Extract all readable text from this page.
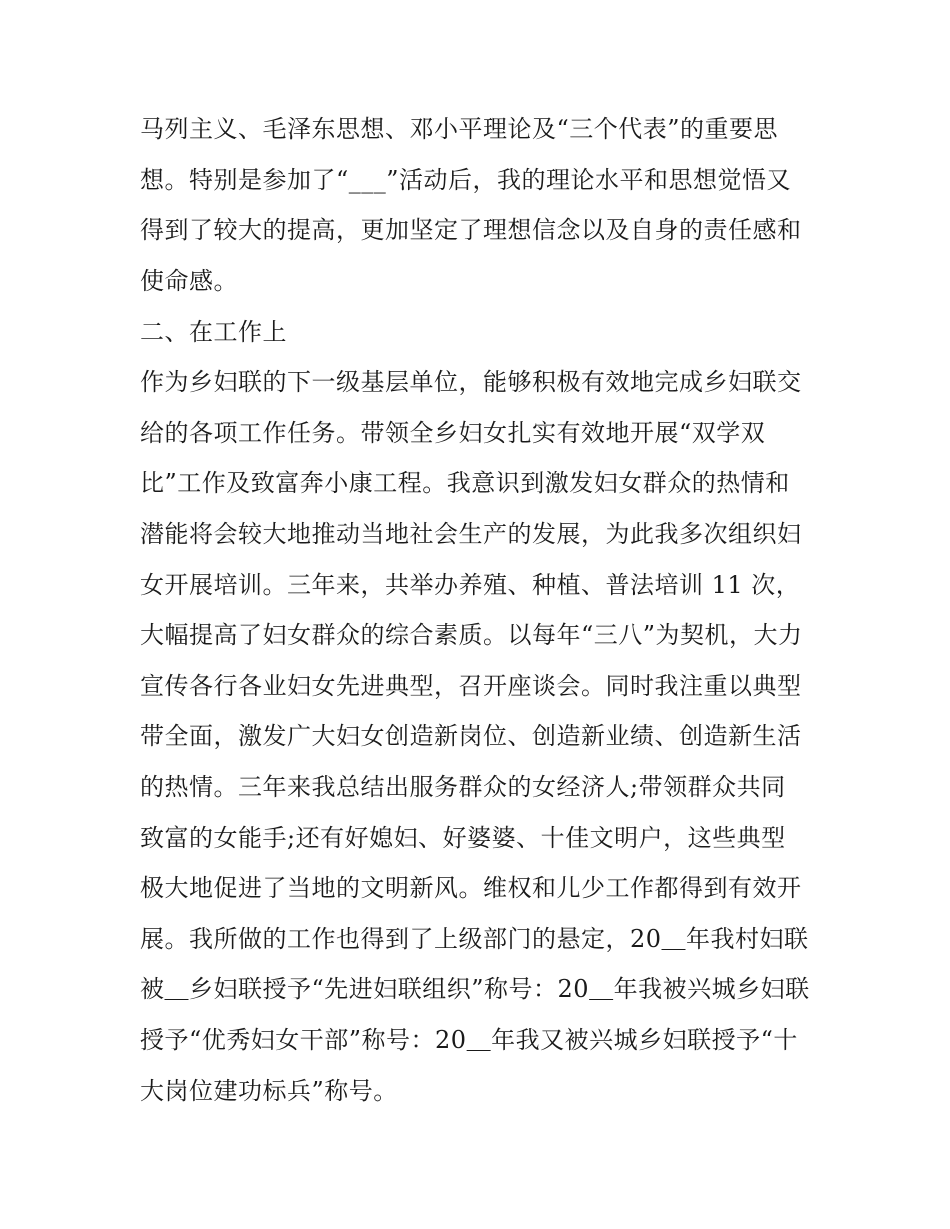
马列主义、毛泽东思想、邓小平理论及“三个代表”的重要思
想。特别是参加了“___”活动后，我的理论水平和思想觉悟又
得到了较大的提高，更加坚定了理想信念以及自身的责任感和
使命感。
二、在工作上
作为乡妇联的下一级基层单位，能够积极有效地完成乡妇联交
给的各项工作任务。带领全乡妇女扎实有效地开展“双学双
比”工作及致富奔小康工程。我意识到激发妇女群众的热情和
潜能将会较大地推动当地社会生产的发展，为此我多次组织妇
女开展培训。三年来，共举办养殖、种植、普法培训 11 次，
大幅提高了妇女群众的综合素质。以每年“三八”为契机，大力
宣传各行各业妇女先进典型，召开座谈会。同时我注重以典型
带全面，激发广大妇女创造新岗位、创造新业绩、创造新生活
的热情。三年来我总结出服务群众的女经济人;带领群众共同
致富的女能手;还有好媳妇、好婆婆、十佳文明户，这些典型
极大地促进了当地的文明新风。维权和儿少工作都得到有效开
展。我所做的工作也得到了上级部门的悬定，20＿年我村妇联
被＿乡妇联授予“先进妇联组织”称号：20＿年我被兴城乡妇联
授予“优秀妇女干部”称号：20＿年我又被兴城乡妇联授予“十
大岗位建功标兵”称号。
